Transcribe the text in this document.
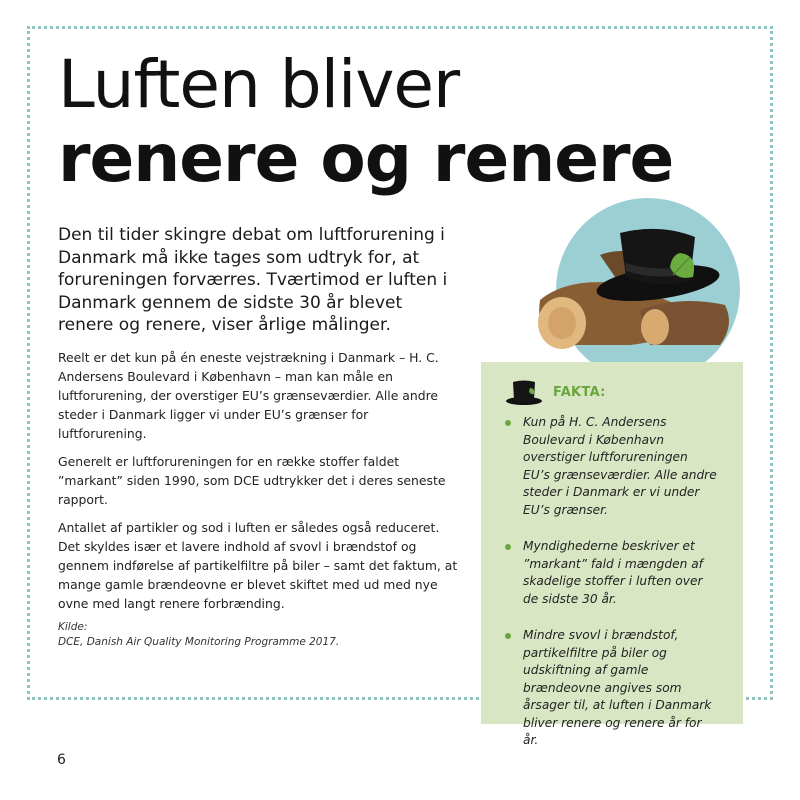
Luften bliver
renere og renere

Den til tider skingre debat om luftforurening i Danmark må ikke tages som udtryk for, at forureningen forværres. Tværtimod er luften i Danmark gennem de sidste 30 år blevet renere og renere, viser årlige målinger.

Reelt er det kun på én eneste vejstrækning i Danmark – H. C. Andersens Boulevard i København – man kan måle en luftforurening, der overstiger EU’s grænseværdier. Alle andre steder i Danmark ligger vi under EU’s grænser for luftforurening.

Generelt er luftforureningen for en række stoffer faldet ”markant” siden 1990, som DCE udtrykker det i deres seneste rapport.

Antallet af partikler og sod i luften er således også reduceret. Det skyldes især et lavere indhold af svovl i brændstof og gennem indførelse af partikelfiltre på biler – samt det faktum, at mange gamle brændeovne er blevet skiftet med ud med nye ovne med langt renere forbrænding.

Kilde:
DCE, Danish Air Quality Monitoring Programme 2017.
FAKTA:
Kun på H. C. Andersens Boulevard i København overstiger luftforureningen EU’s grænseværdier. Alle andre steder i Danmark er vi under EU’s grænser.
Myndighederne beskriver et ”markant” fald i mængden af skadelige stoffer i luften over de sidste 30 år.
Mindre svovl i brændstof, partikelfiltre på biler og udskiftning af gamle brændeovne angives som årsager til, at luften i Danmark bliver renere og renere år for år.
6
